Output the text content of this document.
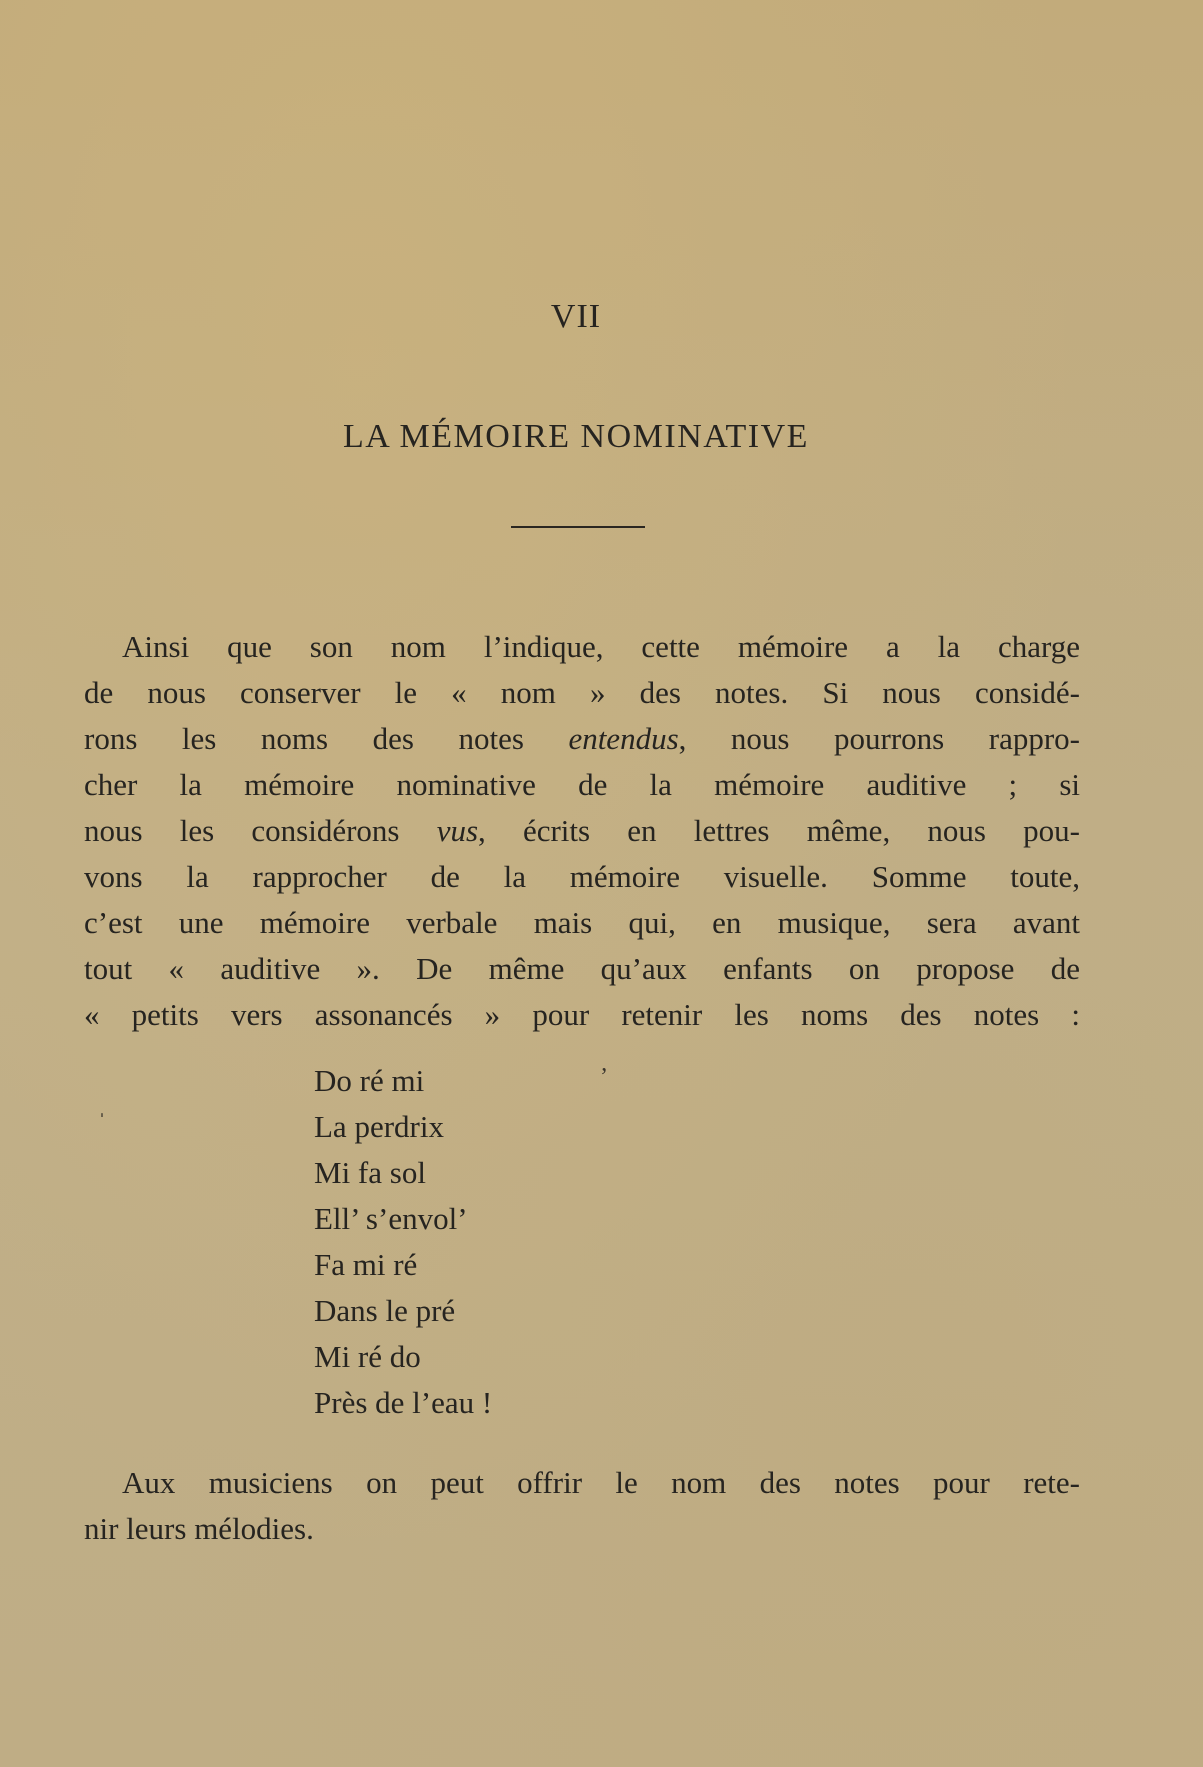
VII
LA MÉMOIRE NOMINATIVE
Ainsi que son nom l’indique, cette mémoire a la charge
de nous conserver le « nom » des notes. Si nous considé-
rons les noms des notes entendus, nous pourrons rappro-
cher la mémoire nominative de la mémoire auditive ; si
nous les considérons vus, écrits en lettres même, nous pou-
vons la rapprocher de la mémoire visuelle. Somme toute,
c’est une mémoire verbale mais qui, en musique, sera avant
tout « auditive ». De même qu’aux enfants on propose de
« petits vers assonancés » pour retenir les noms des notes :
Do ré mi
La perdrix
Mi fa sol
Ell’ s’envol’
Fa mi ré
Dans le pré
Mi ré do
Près de l’eau !
ʼ
ˈ
Aux musiciens on peut offrir le nom des notes pour rete-
nir leurs mélodies.
